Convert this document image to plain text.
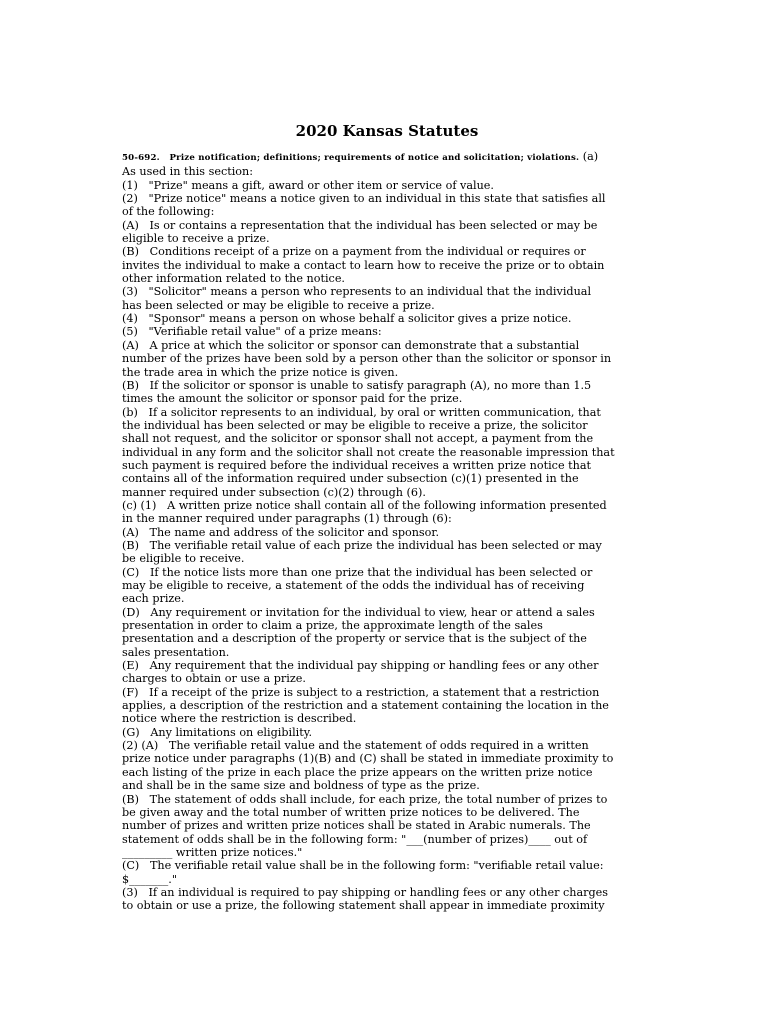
2020 Kansas Statutes
50-692. Prize notification; definitions; requirements of notice and solicitation; violations. (a)
As used in this section:
(1)   "Prize" means a gift, award or other item or service of value.
(2)   "Prize notice" means a notice given to an individual in this state that satisfies all
of the following:
(A)   Is or contains a representation that the individual has been selected or may be
eligible to receive a prize.
(B)   Conditions receipt of a prize on a payment from the individual or requires or
invites the individual to make a contact to learn how to receive the prize or to obtain
other information related to the notice.
(3)   "Solicitor" means a person who represents to an individual that the individual
has been selected or may be eligible to receive a prize.
(4)   "Sponsor" means a person on whose behalf a solicitor gives a prize notice.
(5)   "Verifiable retail value" of a prize means:
(A)   A price at which the solicitor or sponsor can demonstrate that a substantial
number of the prizes have been sold by a person other than the solicitor or sponsor in
the trade area in which the prize notice is given.
(B)   If the solicitor or sponsor is unable to satisfy paragraph (A), no more than 1.5
times the amount the solicitor or sponsor paid for the prize.
(b)   If a solicitor represents to an individual, by oral or written communication, that
the individual has been selected or may be eligible to receive a prize, the solicitor
shall not request, and the solicitor or sponsor shall not accept, a payment from the
individual in any form and the solicitor shall not create the reasonable impression that
such payment is required before the individual receives a written prize notice that
contains all of the information required under subsection (c)(1) presented in the
manner required under subsection (c)(2) through (6).
(c) (1)   A written prize notice shall contain all of the following information presented
in the manner required under paragraphs (1) through (6):
(A)   The name and address of the solicitor and sponsor.
(B)   The verifiable retail value of each prize the individual has been selected or may
be eligible to receive.
(C)   If the notice lists more than one prize that the individual has been selected or
may be eligible to receive, a statement of the odds the individual has of receiving
each prize.
(D)   Any requirement or invitation for the individual to view, hear or attend a sales
presentation in order to claim a prize, the approximate length of the sales
presentation and a description of the property or service that is the subject of the
sales presentation.
(E)   Any requirement that the individual pay shipping or handling fees or any other
charges to obtain or use a prize.
(F)   If a receipt of the prize is subject to a restriction, a statement that a restriction
applies, a description of the restriction and a statement containing the location in the
notice where the restriction is described.
(G)   Any limitations on eligibility.
(2) (A)   The verifiable retail value and the statement of odds required in a written
prize notice under paragraphs (1)(B) and (C) shall be stated in immediate proximity to
each listing of the prize in each place the prize appears on the written prize notice
and shall be in the same size and boldness of type as the prize.
(B)   The statement of odds shall include, for each prize, the total number of prizes to
be given away and the total number of written prize notices to be delivered. The
number of prizes and written prize notices shall be stated in Arabic numerals. The
statement of odds shall be in the following form: "___(number of prizes)____ out of
_________ written prize notices."
(C)   The verifiable retail value shall be in the following form: "verifiable retail value:
$_______."
(3)   If an individual is required to pay shipping or handling fees or any other charges
to obtain or use a prize, the following statement shall appear in immediate proximity
